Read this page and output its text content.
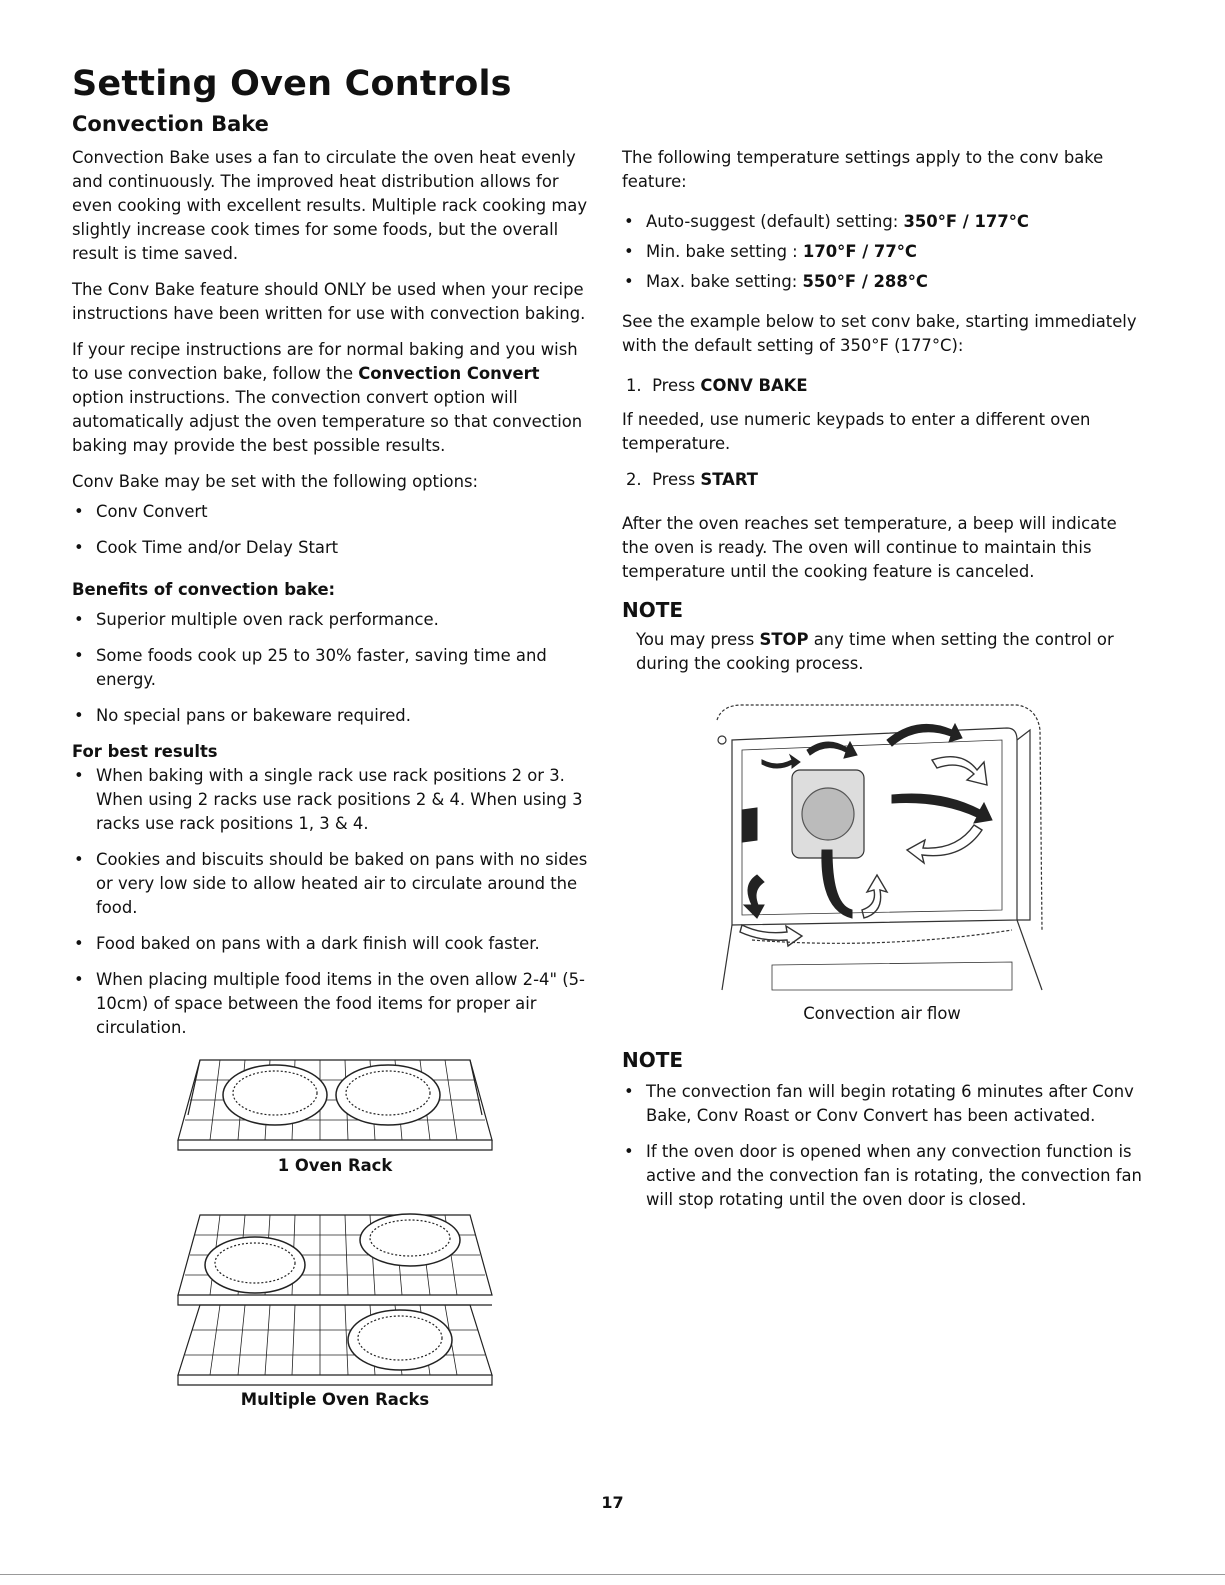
Setting Oven Controls
Convection Bake

Convection Bake uses a fan to circulate the oven heat evenly and continuously. The improved heat distribution allows for even cooking with excellent results. Multiple rack cooking may slightly increase cook times for some foods, but the overall result is time saved.

The Conv Bake feature should ONLY be used when your recipe instructions have been written for use with convection baking.

If your recipe instructions are for normal baking and you wish to use convection bake, follow the Convection Convert option instructions. The convection convert option will automatically adjust the oven temperature so that convection baking may provide the best possible results.

Conv Bake may be set with the following options:

• Conv Convert
• Cook Time and/or Delay Start
Benefits of convection bake:
• Superior multiple oven rack performance.
• Some foods cook up 25 to 30% faster, saving time and energy.
• No special pans or bakeware required.
For best results
• When baking with a single rack use rack positions 2 or 3. When using 2 racks use rack positions 2 & 4. When using 3 racks use rack positions 1, 3 & 4.
• Cookies and biscuits should be baked on pans with no sides or very low side to allow heated air to circulate around the food.
• Food baked on pans with a dark finish will cook faster.
• When placing multiple food items in the oven allow 2-4" (5-10cm) of space between the food items for proper air circulation.
1 Oven Rack
Multiple Oven Racks

The following temperature settings apply to the conv bake feature:

• Auto-suggest (default) setting: 350°F / 177°C
• Min. bake setting : 170°F / 77°C
• Max. bake setting: 550°F / 288°C

See the example below to set conv bake, starting immediately with the default setting of 350°F (177°C):

1. Press CONV BAKE

If needed, use numeric keypads to enter a different oven temperature.

2. Press START

After the oven reaches set temperature, a beep will indicate the oven is ready. The oven will continue to maintain this temperature until the cooking feature is canceled.

NOTE

You may press STOP any time when setting the control or during the cooking process.

Convection air flow
NOTE
• The convection fan will begin rotating 6 minutes after Conv Bake, Conv Roast or Conv Convert has been activated.
• If the oven door is opened when any convection function is active and the convection fan is rotating, the convection fan will stop rotating until the oven door is closed.
17
